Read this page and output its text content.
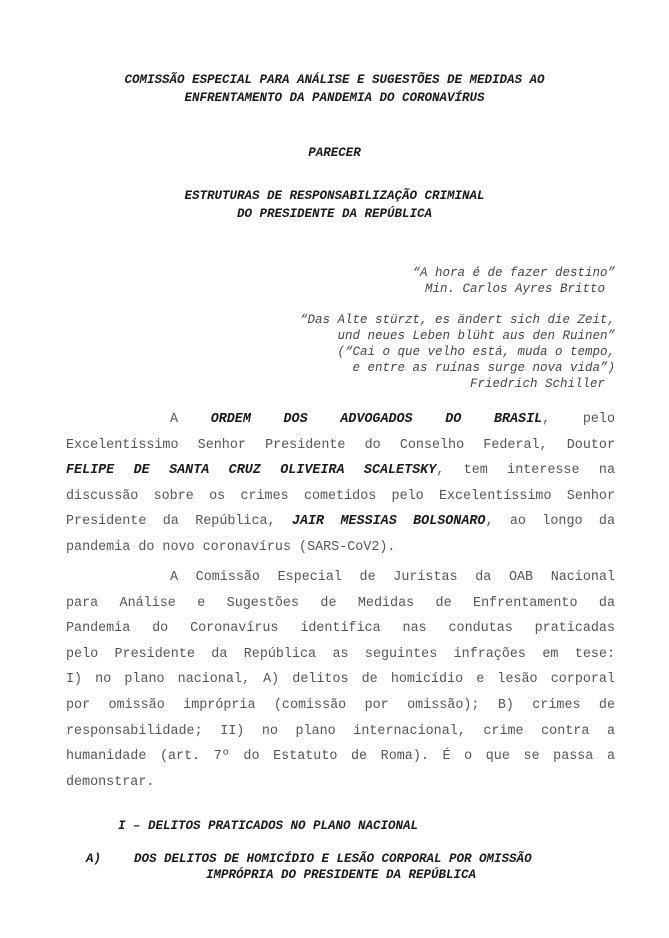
COMISSÃO ESPECIAL PARA ANÁLISE E SUGESTÕES DE MEDIDAS AO
ENFRENTAMENTO DA PANDEMIA DO CORONAVÍRUS
PARECER
ESTRUTURAS DE RESPONSABILIZAÇÃO CRIMINAL
DO PRESIDENTE DA REPÚBLICA
“A hora é de fazer destino”
Min. Carlos Ayres Britto
“Das Alte stürzt, es ändert sich die Zeit,
und neues Leben blüht aus den Ruinen”
(“Cai o que velho está, muda o tempo,
e entre as ruínas surge nova vida”)
Friedrich Schiller
A ORDEM DOS ADVOGADOS DO BRASIL, pelo
Excelentíssimo Senhor Presidente do Conselho Federal, Doutor
FELIPE DE SANTA CRUZ OLIVEIRA SCALETSKY, tem interesse na
discussão sobre os crimes cometidos pelo Excelentíssimo Senhor
Presidente da República, JAIR MESSIAS BOLSONARO, ao longo da
pandemia do novo coronavírus (SARS-CoV2).
A Comissão Especial de Juristas da OAB Nacional
para Análise e Sugestões de Medidas de Enfrentamento da
Pandemia do Coronavírus identifica nas condutas praticadas
pelo Presidente da República as seguintes infrações em tese:
I) no plano nacional, A) delitos de homicídio e lesão corporal
por omissão imprópria (comissão por omissão); B) crimes de
responsabilidade; II) no plano internacional, crime contra a
humanidade (art. 7º do Estatuto de Roma). É o que se passa a
demonstrar.
I – DELITOS PRATICADOS NO PLANO NACIONAL
A)	DOS DELITOS DE HOMICÍDIO E LESÃO CORPORAL POR OMISSÃO
IMPRÓPRIA DO PRESIDENTE DA REPÚBLICA
